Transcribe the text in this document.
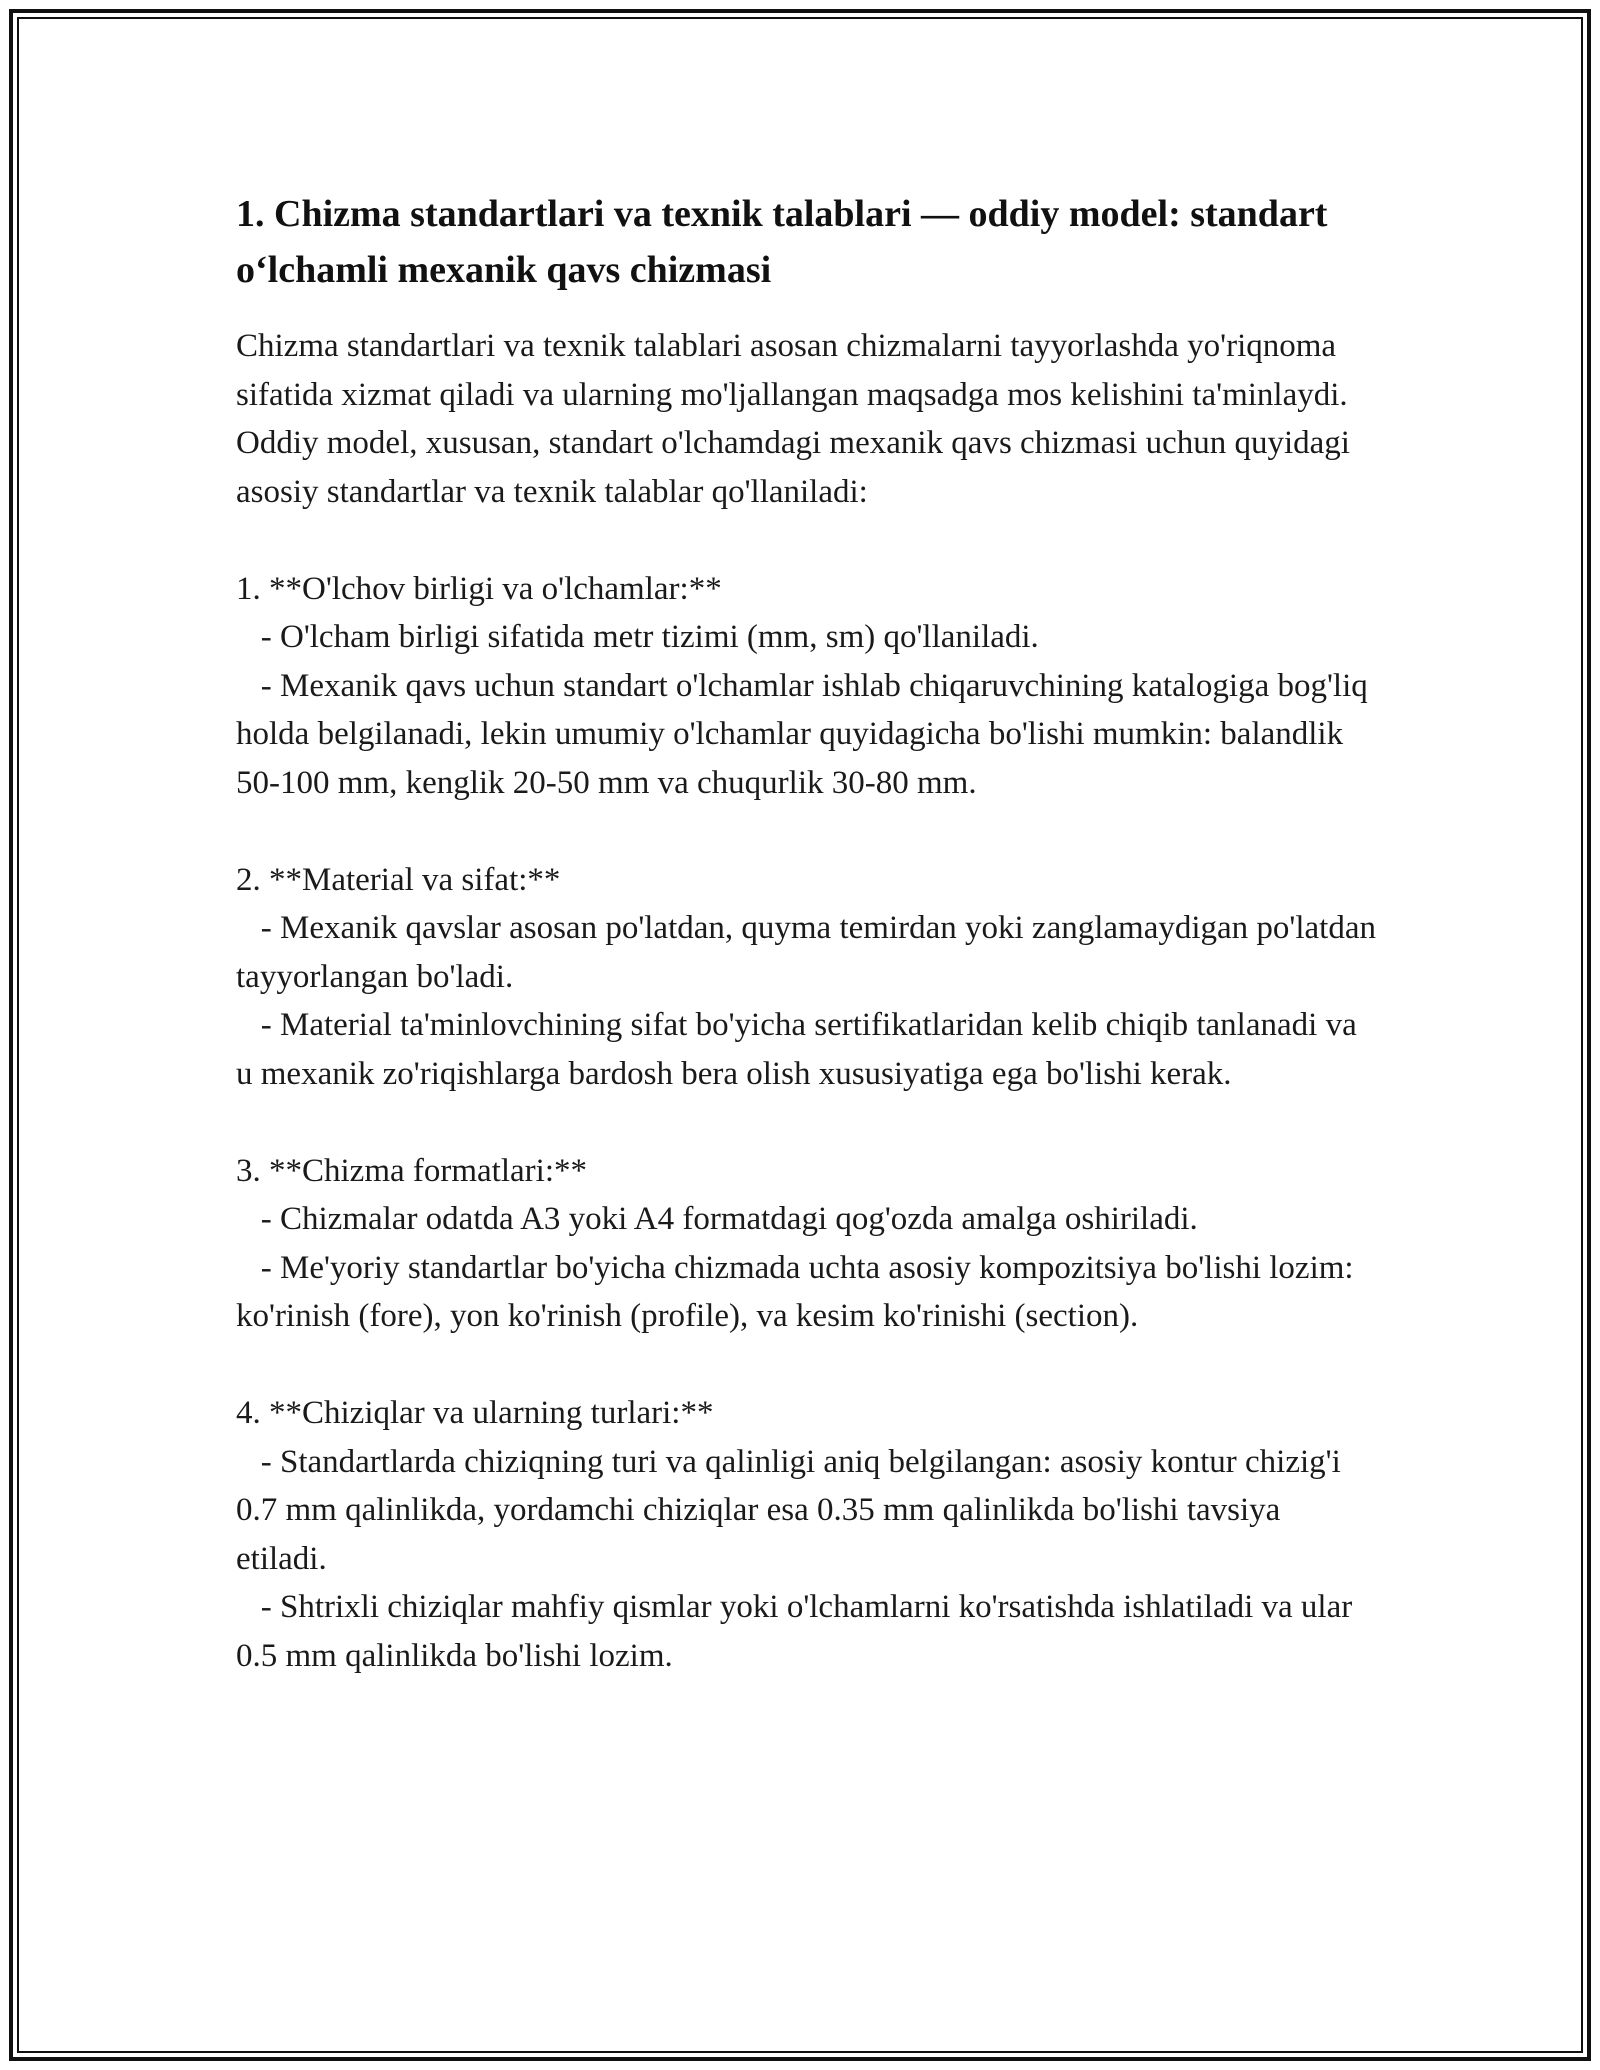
1. Chizma standartlari va texnik talablari — oddiy model: standart o‘lchamli mexanik qavs chizmasi
Chizma standartlari va texnik talablari asosan chizmalarni tayyorlashda yo'riqnoma sifatida xizmat qiladi va ularning mo'ljallangan maqsadga mos kelishini ta'minlaydi. Oddiy model, xususan, standart o'lchamdagi mexanik qavs chizmasi uchun quyidagi asosiy standartlar va texnik talablar qo'llaniladi:

1. **O'lchov birligi va o'lchamlar:**
- O'lcham birligi sifatida metr tizimi (mm, sm) qo'llaniladi.
- Mexanik qavs uchun standart o'lchamlar ishlab chiqaruvchining katalogiga bog'liq holda belgilanadi, lekin umumiy o'lchamlar quyidagicha bo'lishi mumkin: balandlik 50-100 mm, kenglik 20-50 mm va chuqurlik 30-80 mm.

2. **Material va sifat:**
- Mexanik qavslar asosan po'latdan, quyma temirdan yoki zanglamaydigan po'latdan tayyorlangan bo'ladi.
- Material ta'minlovchining sifat bo'yicha sertifikatlaridan kelib chiqib tanlanadi va u mexanik zo'riqishlarga bardosh bera olish xususiyatiga ega bo'lishi kerak.

3. **Chizma formatlari:**
- Chizmalar odatda A3 yoki A4 formatdagi qog'ozda amalga oshiriladi.
- Me'yoriy standartlar bo'yicha chizmada uchta asosiy kompozitsiya bo'lishi lozim: ko'rinish (fore), yon ko'rinish (profile), va kesim ko'rinishi (section).

4. **Chiziqlar va ularning turlari:**
- Standartlarda chiziqning turi va qalinligi aniq belgilangan: asosiy kontur chizig'i 0.7 mm qalinlikda, yordamchi chiziqlar esa 0.35 mm qalinlikda bo'lishi tavsiya etiladi.
- Shtrixli chiziqlar mahfiy qismlar yoki o'lchamlarni ko'rsatishda ishlatiladi va ular 0.5 mm qalinlikda bo'lishi lozim.
